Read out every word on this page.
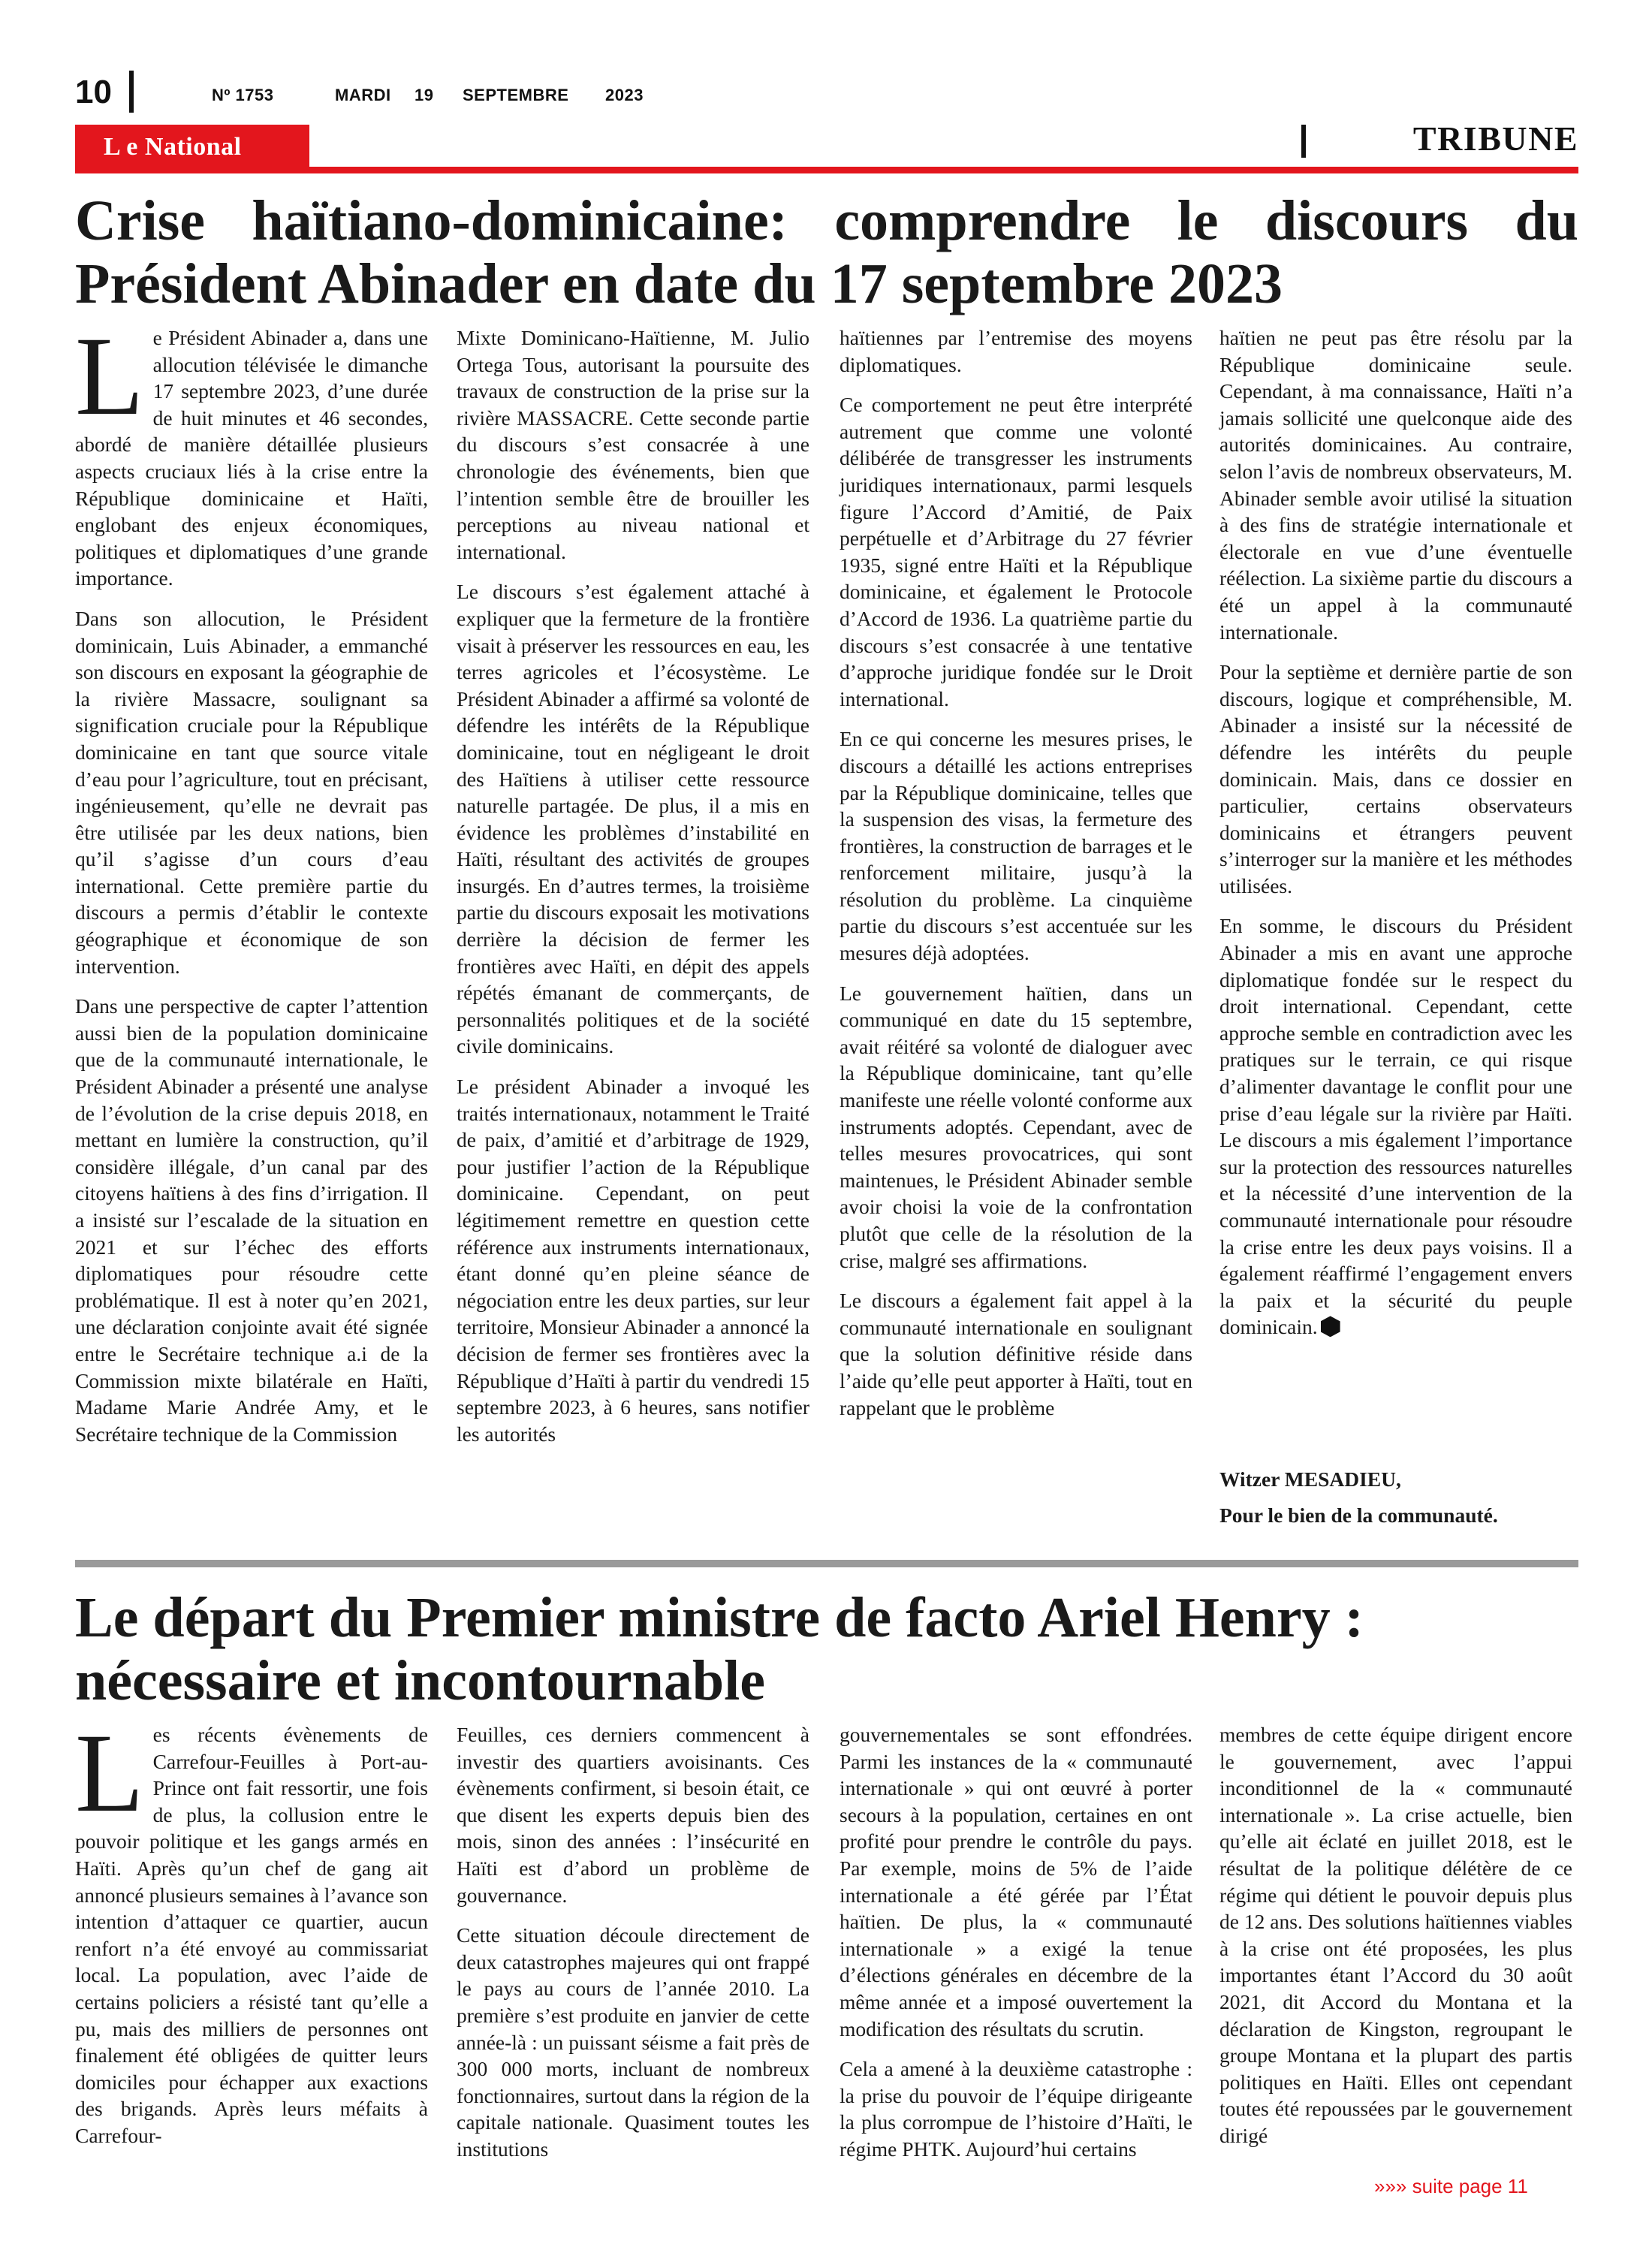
10	Nº 1753	MARDI 19 SEPTEMBRE 2023
L e National	TRIBUNE
Crise haïtiano-dominicaine: comprendre le discours du Président Abinader en date du 17 septembre 2023

Le Président Abinader a, dans une allocution télévisée le dimanche 17 septembre 2023, d’une durée de huit minutes et 46 secondes, abordé de manière détaillée plusieurs aspects cruciaux liés à la crise entre la République dominicaine et Haïti, englobant des enjeux économiques, politiques et diplomatiques d’une grande importance.

Dans son allocution, le Président dominicain, Luis Abinader, a emmanché son discours en exposant la géographie de la rivière Massacre, soulignant sa signification cruciale pour la République dominicaine en tant que source vitale d’eau pour l’agriculture, tout en précisant, ingénieusement, qu’elle ne devrait pas être utilisée par les deux nations, bien qu’il s’agisse d’un cours d’eau international. Cette première partie du discours a permis d’établir le contexte géographique et économique de son intervention.

Dans une perspective de capter l’attention aussi bien de la population dominicaine que de la communauté internationale, le Président Abinader a présenté une analyse de l’évolution de la crise depuis 2018, en mettant en lumière la construction, qu’il considère illégale, d’un canal par des citoyens haïtiens à des fins d’irrigation. Il a insisté sur l’escalade de la situation en 2021 et sur l’échec des efforts diplomatiques pour résoudre cette problématique. Il est à noter qu’en 2021, une déclaration conjointe avait été signée entre le Secrétaire technique a.i de la Commission mixte bilatérale en Haïti, Madame Marie Andrée Amy, et le Secrétaire technique de la Commission

Mixte Dominicano-Haïtienne, M. Julio Ortega Tous, autorisant la poursuite des travaux de construction de la prise sur la rivière MASSACRE. Cette seconde partie du discours s’est consacrée à une chronologie des événements, bien que l’intention semble être de brouiller les perceptions au niveau national et international.

Le discours s’est également attaché à expliquer que la fermeture de la frontière visait à préserver les ressources en eau, les terres agricoles et l’écosystème. Le Président Abinader a affirmé sa volonté de défendre les intérêts de la République dominicaine, tout en négligeant le droit des Haïtiens à utiliser cette ressource naturelle partagée. De plus, il a mis en évidence les problèmes d’instabilité en Haïti, résultant des activités de groupes insurgés. En d’autres termes, la troisième partie du discours exposait les motivations derrière la décision de fermer les frontières avec Haïti, en dépit des appels répétés émanant de commerçants, de personnalités politiques et de la société civile dominicains.

Le président Abinader a invoqué les traités internationaux, notamment le Traité de paix, d’amitié et d’arbitrage de 1929, pour justifier l’action de la République dominicaine. Cependant, on peut légitimement remettre en question cette référence aux instruments internationaux, étant donné qu’en pleine séance de négociation entre les deux parties, sur leur territoire, Monsieur Abinader a annoncé la décision de fermer ses frontières avec la République d’Haïti à partir du vendredi 15 septembre 2023, à 6 heures, sans notifier les autorités

haïtiennes par l’entremise des moyens diplomatiques.

Ce comportement ne peut être interprété autrement que comme une volonté délibérée de transgresser les instruments juridiques internationaux, parmi lesquels figure l’Accord d’Amitié, de Paix perpétuelle et d’Arbitrage du 27 février 1935, signé entre Haïti et la République dominicaine, et également le Protocole d’Accord de 1936. La quatrième partie du discours s’est consacrée à une tentative d’approche juridique fondée sur le Droit international.

En ce qui concerne les mesures prises, le discours a détaillé les actions entreprises par la République dominicaine, telles que la suspension des visas, la fermeture des frontières, la construction de barrages et le renforcement militaire, jusqu’à la résolution du problème. La cinquième partie du discours s’est accentuée sur les mesures déjà adoptées.

Le gouvernement haïtien, dans un communiqué en date du 15 septembre, avait réitéré sa volonté de dialoguer avec la République dominicaine, tant qu’elle manifeste une réelle volonté conforme aux instruments adoptés. Cependant, avec de telles mesures provocatrices, qui sont maintenues, le Président Abinader semble avoir choisi la voie de la confrontation plutôt que celle de la résolution de la crise, malgré ses affirmations.

Le discours a également fait appel à la communauté internationale en soulignant que la solution définitive réside dans l’aide qu’elle peut apporter à Haïti, tout en rappelant que le problème

haïtien ne peut pas être résolu par la République dominicaine seule. Cependant, à ma connaissance, Haïti n’a jamais sollicité une quelconque aide des autorités dominicaines. Au contraire, selon l’avis de nombreux observateurs, M. Abinader semble avoir utilisé la situation à des fins de stratégie internationale et électorale en vue d’une éventuelle réélection. La sixième partie du discours a été un appel à la communauté internationale.

Pour la septième et dernière partie de son discours, logique et compréhensible, M. Abinader a insisté sur la nécessité de défendre les intérêts du peuple dominicain. Mais, dans ce dossier en particulier, certains observateurs dominicains et étrangers peuvent s’interroger sur la manière et les méthodes utilisées.

En somme, le discours du Président Abinader a mis en avant une approche diplomatique fondée sur le respect du droit international. Cependant, cette approche semble en contradiction avec les pratiques sur le terrain, ce qui risque d’alimenter davantage le conflit pour une prise d’eau légale sur la rivière par Haïti. Le discours a mis également l’importance sur la protection des ressources naturelles et la nécessité d’une intervention de la communauté internationale pour résoudre la crise entre les deux pays voisins. Il a également réaffirmé l’engagement envers la paix et la sécurité du peuple dominicain.

Witzer MESADIEU,

Pour le bien de la communauté.

Le départ du Premier ministre de facto Ariel Henry :
nécessaire et incontournable

Les récents évènements de Carrefour-Feuilles à Port-au-Prince ont fait ressortir, une fois de plus, la collusion entre le pouvoir politique et les gangs armés en Haïti. Après qu’un chef de gang ait annoncé plusieurs semaines à l’avance son intention d’attaquer ce quartier, aucun renfort n’a été envoyé au commissariat local. La population, avec l’aide de certains policiers a résisté tant qu’elle a pu, mais des milliers de personnes ont finalement été obligées de quitter leurs domiciles pour échapper aux exactions des brigands. Après leurs méfaits à Carrefour-

Feuilles, ces derniers commencent à investir des quartiers avoisinants. Ces évènements confirment, si besoin était, ce que disent les experts depuis bien des mois, sinon des années : l’insécurité en Haïti est d’abord un problème de gouvernance.

Cette situation découle directement de deux catastrophes majeures qui ont frappé le pays au cours de l’année 2010. La première s’est produite en janvier de cette année-là : un puissant séisme a fait près de 300 000 morts, incluant de nombreux fonctionnaires, surtout dans la région de la capitale nationale. Quasiment toutes les institutions

gouvernementales se sont effondrées. Parmi les instances de la « communauté internationale » qui ont œuvré à porter secours à la population, certaines en ont profité pour prendre le contrôle du pays. Par exemple, moins de 5% de l’aide internationale a été gérée par l’État haïtien. De plus, la « communauté internationale » a exigé la tenue d’élections générales en décembre de la même année et a imposé ouvertement la modification des résultats du scrutin.

Cela a amené à la deuxième catastrophe : la prise du pouvoir de l’équipe dirigeante la plus corrompue de l’histoire d’Haïti, le régime PHTK. Aujourd’hui certains

membres de cette équipe dirigent encore le gouvernement, avec l’appui inconditionnel de la « communauté internationale ». La crise actuelle, bien qu’elle ait éclaté en juillet 2018, est le résultat de la politique délétère de ce régime qui détient le pouvoir depuis plus de 12 ans. Des solutions haïtiennes viables à la crise ont été proposées, les plus importantes étant l’Accord du 30 août 2021, dit Accord du Montana et la déclaration de Kingston, regroupant le groupe Montana et la plupart des partis politiques en Haïti. Elles ont cependant toutes été repoussées par le gouvernement dirigé

»»» suite page 11
